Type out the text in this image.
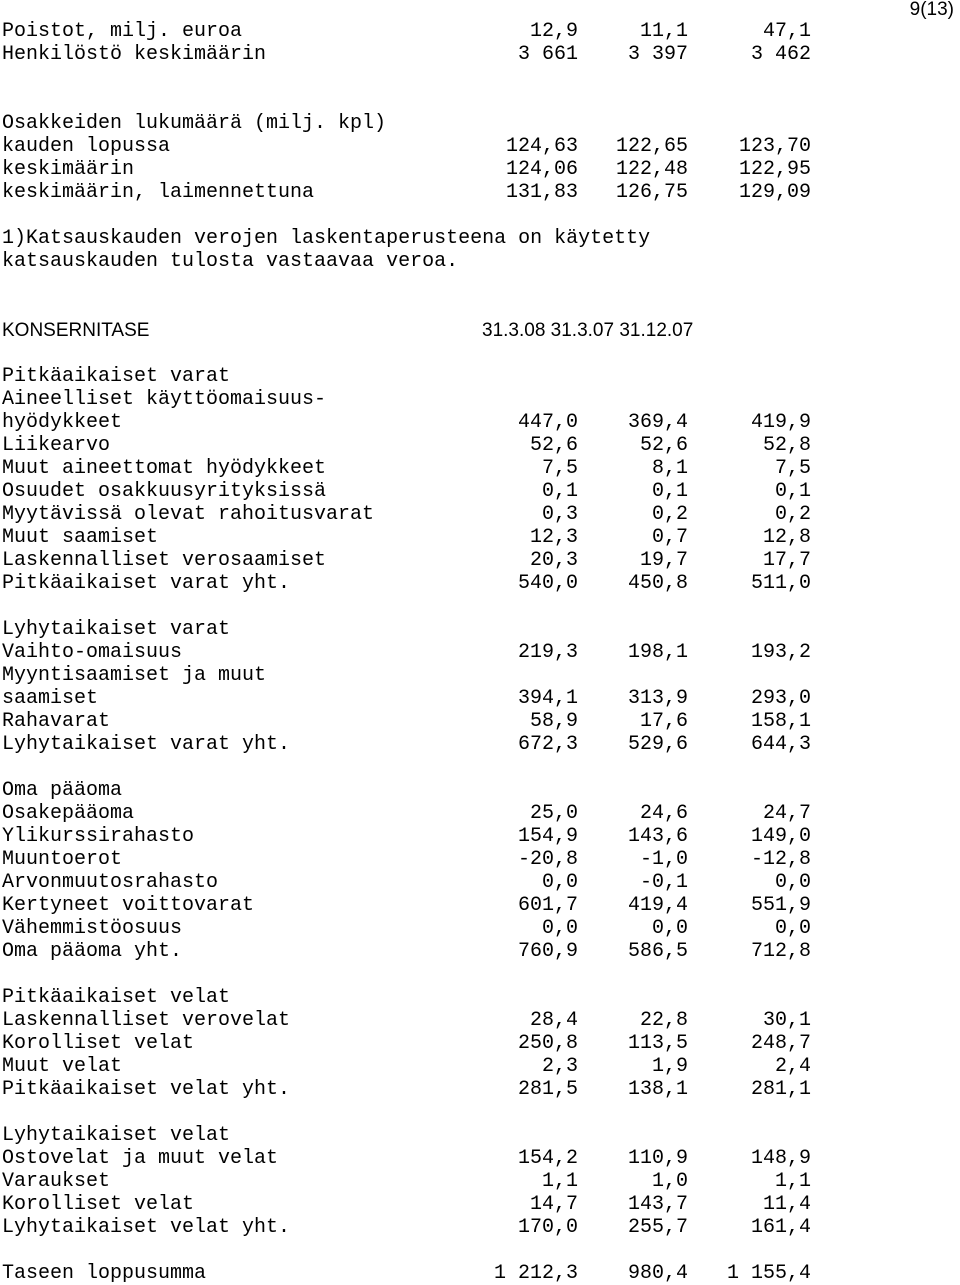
9(13)
Poistot, milj. euroa	12,9	11,1	47,1
Henkilöstö keskimäärin	3 661	3 397	3 462
Osakkeiden lukumäärä (milj. kpl)
kauden lopussa	124,63	122,65	123,70
keskimäärin	124,06	122,48	122,95
keskimäärin, laimennettuna	131,83	126,75	129,09
1)Katsauskauden verojen laskentaperusteena on käytetty
katsauskauden tulosta vastaavaa veroa.
KONSERNITASE	31.3.08 31.3.07 31.12.07
Pitkäaikaiset varat
Aineelliset käyttöomaisuus-
hyödykkeet	447,0	369,4	419,9
Liikearvo	52,6	52,6	52,8
Muut aineettomat hyödykkeet	7,5	8,1	7,5
Osuudet osakkuusyrityksissä	0,1	0,1	0,1
Myytävissä olevat rahoitusvarat	0,3	0,2	0,2
Muut saamiset	12,3	0,7	12,8
Laskennalliset verosaamiset	20,3	19,7	17,7
Pitkäaikaiset varat yht.	540,0	450,8	511,0
Lyhytaikaiset varat
Vaihto-omaisuus	219,3	198,1	193,2
Myyntisaamiset ja muut
saamiset	394,1	313,9	293,0
Rahavarat	58,9	17,6	158,1
Lyhytaikaiset varat yht.	672,3	529,6	644,3
Oma pääoma
Osakepääoma	25,0	24,6	24,7
Ylikurssirahasto	154,9	143,6	149,0
Muuntoerot	-20,8	-1,0	-12,8
Arvonmuutosrahasto	0,0	-0,1	0,0
Kertyneet voittovarat	601,7	419,4	551,9
Vähemmistöosuus	0,0	0,0	0,0
Oma pääoma yht.	760,9	586,5	712,8
Pitkäaikaiset velat
Laskennalliset verovelat	28,4	22,8	30,1
Korolliset velat	250,8	113,5	248,7
Muut velat	2,3	1,9	2,4
Pitkäaikaiset velat yht.	281,5	138,1	281,1
Lyhytaikaiset velat
Ostovelat ja muut velat	154,2	110,9	148,9
Varaukset	1,1	1,0	1,1
Korolliset velat	14,7	143,7	11,4
Lyhytaikaiset velat yht.	170,0	255,7	161,4
Taseen loppusumma	1 212,3	980,4	1 155,4
